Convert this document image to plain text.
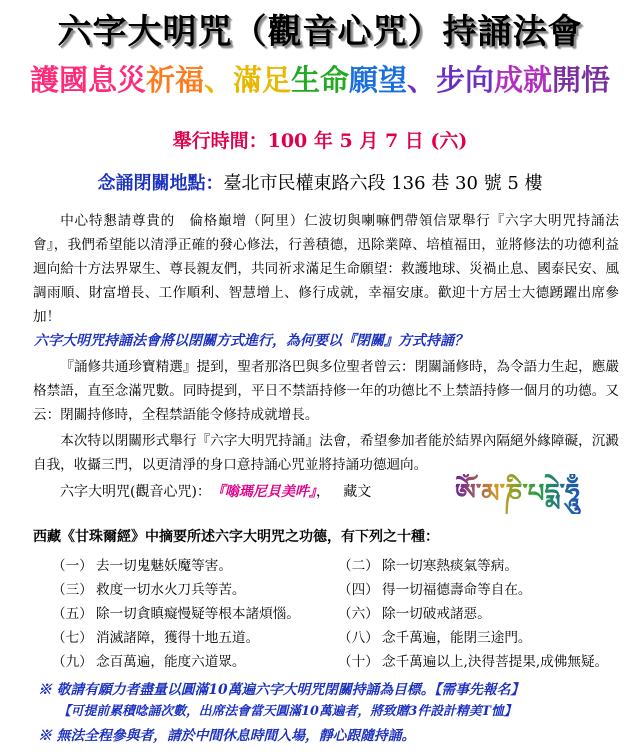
六字大明咒（觀音心咒）持誦法會
護國息災祈福、滿足生命願望、步向成就開悟
舉行時間：100 年 5 月 7 日 (六)
念誦閉關地點：臺北市民權東路六段 136 巷 30 號 5 樓
中心特懇請尊貴的　倫格巔增（阿里）仁波切與喇嘛們帶領信眾舉行『六字大明咒持誦法會』，我們希望能以清淨正確的發心修法，行善積德，迅除業障、培植福田，並將修法的功德利益迴向給十方法界眾生、尊長親友們，共同祈求滿足生命願望：救護地球、災禍止息、國泰民安、風調雨順、財富增長、工作順利、智慧增上、修行成就，幸福安康。歡迎十方居士大德踴躍出席參加！
六字大明咒持誦法會將以閉關方式進行，為何要以『閉關』方式持誦？
『誦修共通珍寶精選』提到，聖者那洛巴與多位聖者曾云：閉關誦修時，為令語力生起，應嚴格禁語，直至念滿咒數。同時提到，平日不禁語持修一年的功德比不上禁語持修一個月的功德。又云：閉關持修時，全程禁語能令修持成就增長。
本次特以閉關形式舉行『六字大明咒持誦』法會，希望參加者能於結界內隔絕外緣障礙，沉澱自我，收攝三門，以更清淨的身口意持誦心咒並將持誦功德迴向。
六字大明咒(觀音心咒)：『嗡瑪尼貝美吽』，   藏文	ཨོཾ་མ་ཎི་པདྨེ་ཧཱུྃ
西藏《甘珠爾經》中摘要所述六字大明咒之功德，有下列之十種：
（一） 去一切鬼魅妖魔等害。	（二） 除一切寒熱痰氣等病。
（三） 救度一切水火刀兵等苦。	（四） 得一切福德壽命等自在。
（五） 除一切貪瞋癡慢疑等根本諸煩惱。	（六） 除一切破戒諸惡。
（七） 消滅諸障，獲得十地五道。	（八） 念千萬遍，能閉三途門。
（九） 念百萬遍，能度六道眾。	（十） 念千萬遍以上,決得菩提果,成佛無疑。
※ 敬請有願力者盡量以圓滿10萬遍六字大明咒閉關持誦為目標。【需事先報名】
【可提前累積唸誦次數，出席法會當天圓滿10萬遍者，將致贈3件設計精美T恤】
※ 無法全程參與者，請於中間休息時間入場，靜心跟隨持誦。
